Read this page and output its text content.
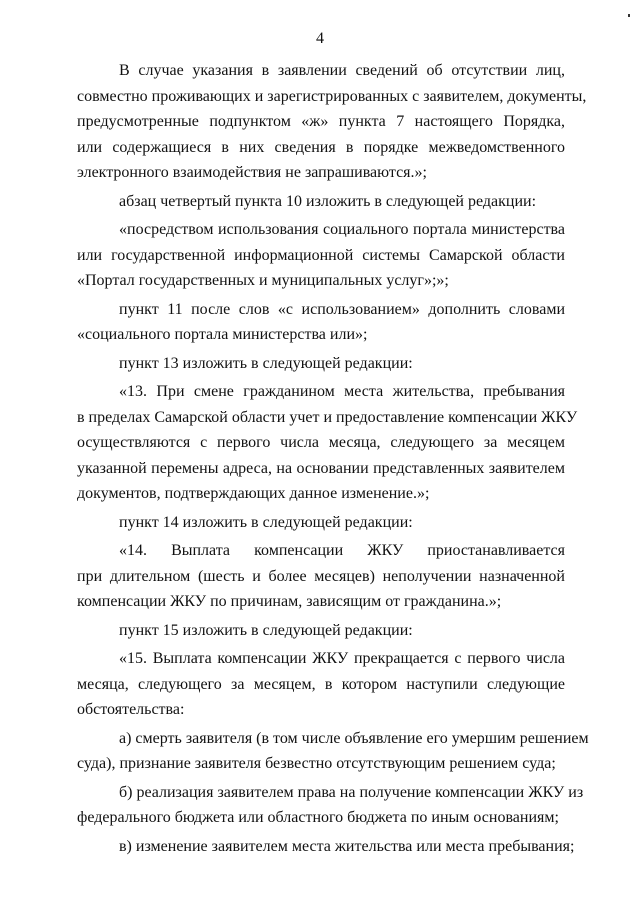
4

В случае указания в заявлении сведений об отсутствии лиц,
совместно проживающих и зарегистрированных с заявителем, документы,
предусмотренные подпунктом «ж» пункта 7 настоящего Порядка,
или содержащиеся в них сведения в порядке межведомственного
электронного взаимодействия не запрашиваются.»;

абзац четвертый пункта 10 изложить в следующей редакции:

«посредством использования социального портала министерства
или государственной информационной системы Самарской области
«Портал государственных и муниципальных услуг»;»;

пункт 11 после слов «с использованием» дополнить словами
«социального портала министерства или»;

пункт 13 изложить в следующей редакции:

«13. При смене гражданином места жительства, пребывания
в пределах Самарской области учет и предоставление компенсации ЖКУ
осуществляются с первого числа месяца, следующего за месяцем
указанной перемены адреса, на основании представленных заявителем
документов, подтверждающих данное изменение.»;

пункт 14 изложить в следующей редакции:

«14. Выплата компенсации ЖКУ приостанавливается
при длительном (шесть и более месяцев) неполучении назначенной
компенсации ЖКУ по причинам, зависящим от гражданина.»;

пункт 15 изложить в следующей редакции:

«15. Выплата компенсации ЖКУ прекращается с первого числа
месяца, следующего за месяцем, в котором наступили следующие
обстоятельства:

а) смерть заявителя (в том числе объявление его умершим решением
суда), признание заявителя безвестно отсутствующим решением суда;

б) реализация заявителем права на получение компенсации ЖКУ из
федерального бюджета или областного бюджета по иным основаниям;

в) изменение заявителем места жительства или места пребывания;
